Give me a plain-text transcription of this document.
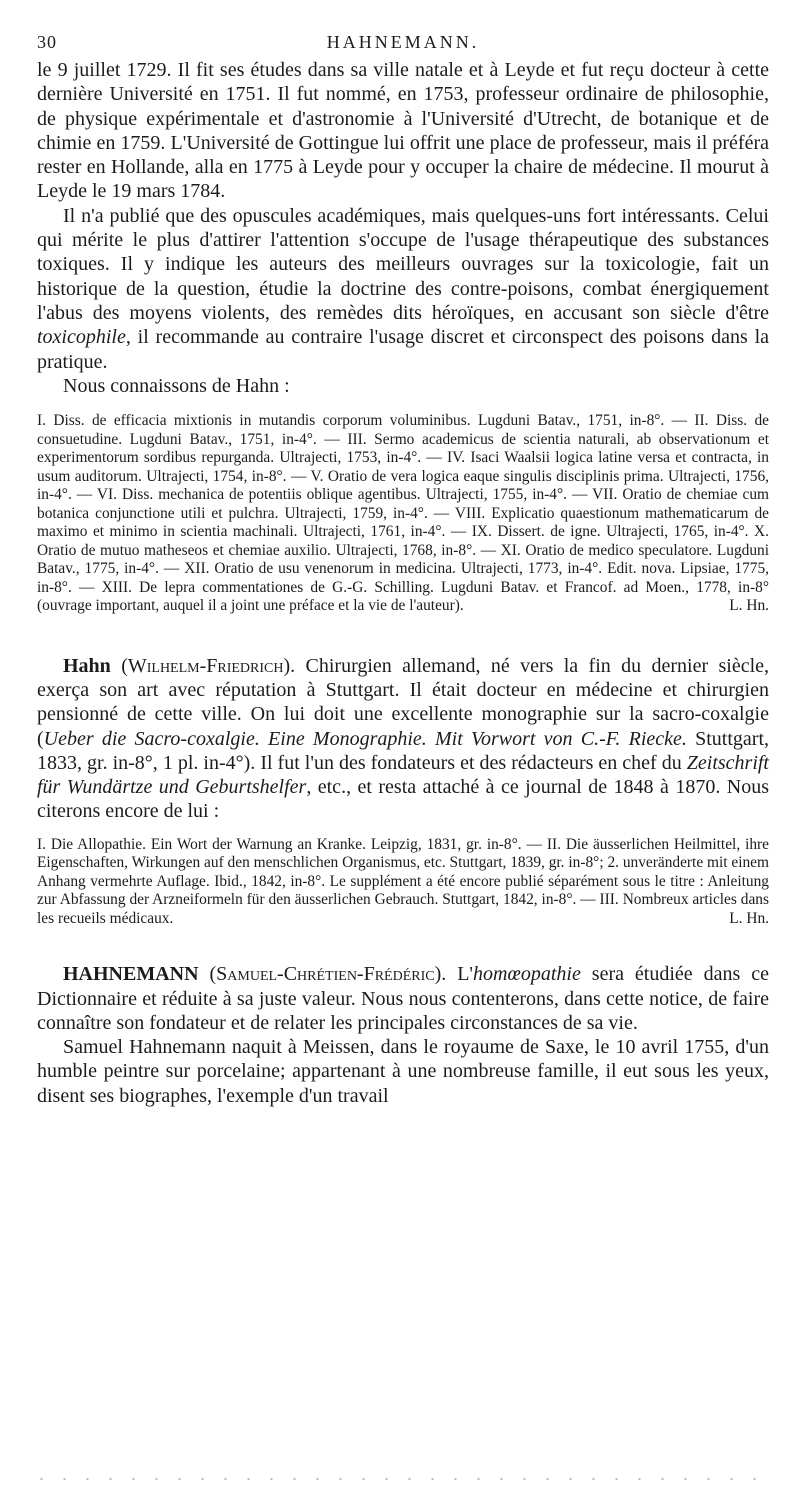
30	HAHNEMANN.

le 9 juillet 1729. Il fit ses études dans sa ville natale et à Leyde et fut reçu docteur à cette dernière Université en 1751. Il fut nommé, en 1753, professeur ordinaire de philosophie, de physique expérimentale et d'astronomie à l'Université d'Utrecht, de botanique et de chimie en 1759. L'Université de Gottingue lui offrit une place de professeur, mais il préféra rester en Hollande, alla en 1775 à Leyde pour y occuper la chaire de médecine. Il mourut à Leyde le 19 mars 1784.

Il n'a publié que des opuscules académiques, mais quelques-uns fort intéressants. Celui qui mérite le plus d'attirer l'attention s'occupe de l'usage thérapeutique des substances toxiques. Il y indique les auteurs des meilleurs ouvrages sur la toxicologie, fait un historique de la question, étudie la doctrine des contre-poisons, combat énergiquement l'abus des moyens violents, des remèdes dits héroïques, en accusant son siècle d'être toxicophile, il recommande au contraire l'usage discret et circonspect des poisons dans la pratique.

Nous connaissons de Hahn :

I. Diss. de efficacia mixtionis in mutandis corporum voluminibus. Lugduni Batav., 1751, in-8°. — II. Diss. de consuetudine. Lugduni Batav., 1751, in-4°. — III. Sermo academicus de scientia naturali, ab observationum et experimentorum sordibus repurganda. Ultrajecti, 1753, in-4°. — IV. Isaci Waalsii logica latine versa et contracta, in usum auditorum. Ultrajecti, 1754, in-8°. — V. Oratio de vera logica eaque singulis disciplinis prima. Ultrajecti, 1756, in-4°. — VI. Diss. mechanica de potentiis oblique agentibus. Ultrajecti, 1755, in-4°. — VII. Oratio de chemiae cum botanica conjunctione utili et pulchra. Ultrajecti, 1759, in-4°. — VIII. Explicatio quaestionum mathematicarum de maximo et minimo in scientia machinali. Ultrajecti, 1761, in-4°. — IX. Dissert. de igne. Ultrajecti, 1765, in-4°. X. Oratio de mutuo matheseos et chemiae auxilio. Ultrajecti, 1768, in-8°. — XI. Oratio de medico speculatore. Lugduni Batav., 1775, in-4°. — XII. Oratio de usu venenorum in medicina. Ultrajecti, 1773, in-4°. Edit. nova. Lipsiae, 1775, in-8°. — XIII. De lepra commentationes de G.-G. Schilling. Lugduni Batav. et Francof. ad Moen., 1778, in-8° (ouvrage important, auquel il a joint une préface et la vie de l'auteur).	L. Hn.

Hahn (Wilhelm-Friedrich). Chirurgien allemand, né vers la fin du dernier siècle, exerça son art avec réputation à Stuttgart. Il était docteur en médecine et chirurgien pensionné de cette ville. On lui doit une excellente monographie sur la sacro-coxalgie (Ueber die Sacro-coxalgie. Eine Monographie. Mit Vorwort von C.-F. Riecke. Stuttgart, 1833, gr. in-8°, 1 pl. in-4°). Il fut l'un des fondateurs et des rédacteurs en chef du Zeitschrift für Wundärtze und Geburtshelfer, etc., et resta attaché à ce journal de 1848 à 1870. Nous citerons encore de lui :

I. Die Allopathie. Ein Wort der Warnung an Kranke. Leipzig, 1831, gr. in-8°. — II. Die äusserlichen Heilmittel, ihre Eigenschaften, Wirkungen auf den menschlichen Organismus, etc. Stuttgart, 1839, gr. in-8°; 2. unveränderte mit einem Anhang vermehrte Auflage. Ibid., 1842, in-8°. Le supplément a été encore publié séparément sous le titre : Anleitung zur Abfassung der Arzneiformeln für den äusserlichen Gebrauch. Stuttgart, 1842, in-8°. — III. Nombreux articles dans les recueils médicaux.	L. Hn.

HAHNEMANN (Samuel-Chrétien-Frédéric). L'homœopathie sera étudiée dans ce Dictionnaire et réduite à sa juste valeur. Nous nous contenterons, dans cette notice, de faire connaître son fondateur et de relater les principales circonstances de sa vie.

Samuel Hahnemann naquit à Meissen, dans le royaume de Saxe, le 10 avril 1755, d'un humble peintre sur porcelaine; appartenant à une nombreuse famille, il eut sous les yeux, disent ses biographes, l'exemple d'un travail
